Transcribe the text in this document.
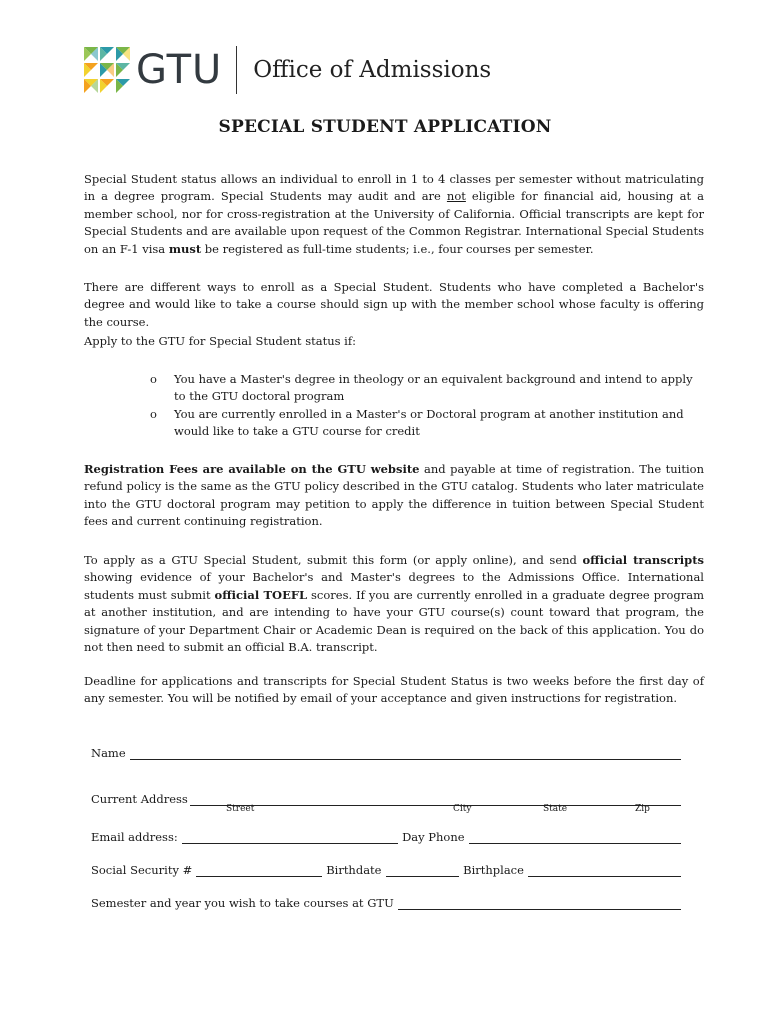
GTU Office of Admissions
SPECIAL STUDENT APPLICATION
Special Student status allows an individual to enroll in 1 to 4 classes per semester without matriculating in a degree program. Special Students may audit and are not eligible for financial aid, housing at a member school, nor for cross-registration at the University of California. Official transcripts are kept for Special Students and are available upon request of the Common Registrar. International Special Students on an F-1 visa must be registered as full-time students; i.e., four courses per semester.
There are different ways to enroll as a Special Student. Students who have completed a Bachelor's degree and would like to take a course should sign up with the member school whose faculty is offering the course.
Apply to the GTU for Special Student status if:
o You have a Master's degree in theology or an equivalent background and intend to apply to the GTU doctoral program
o You are currently enrolled in a Master's or Doctoral program at another institution and would like to take a GTU course for credit
Registration Fees are available on the GTU website and payable at time of registration. The tuition refund policy is the same as the GTU policy described in the GTU catalog. Students who later matriculate into the GTU doctoral program may petition to apply the difference in tuition between Special Student fees and current continuing registration.
To apply as a GTU Special Student, submit this form (or apply online), and send official transcripts showing evidence of your Bachelor's and Master's degrees to the Admissions Office. International students must submit official TOEFL scores. If you are currently enrolled in a graduate degree program at another institution, and are intending to have your GTU course(s) count toward that program, the signature of your Department Chair or Academic Dean is required on the back of this application. You do not then need to submit an official B.A. transcript.
Deadline for applications and transcripts for Special Student Status is two weeks before the first day of any semester. You will be notified by email of your acceptance and given instructions for registration.
Name
Current Address
Street	City	State	Zip
Email address:	Day Phone
Social Security #	Birthdate	Birthplace
Semester and year you wish to take courses at GTU
